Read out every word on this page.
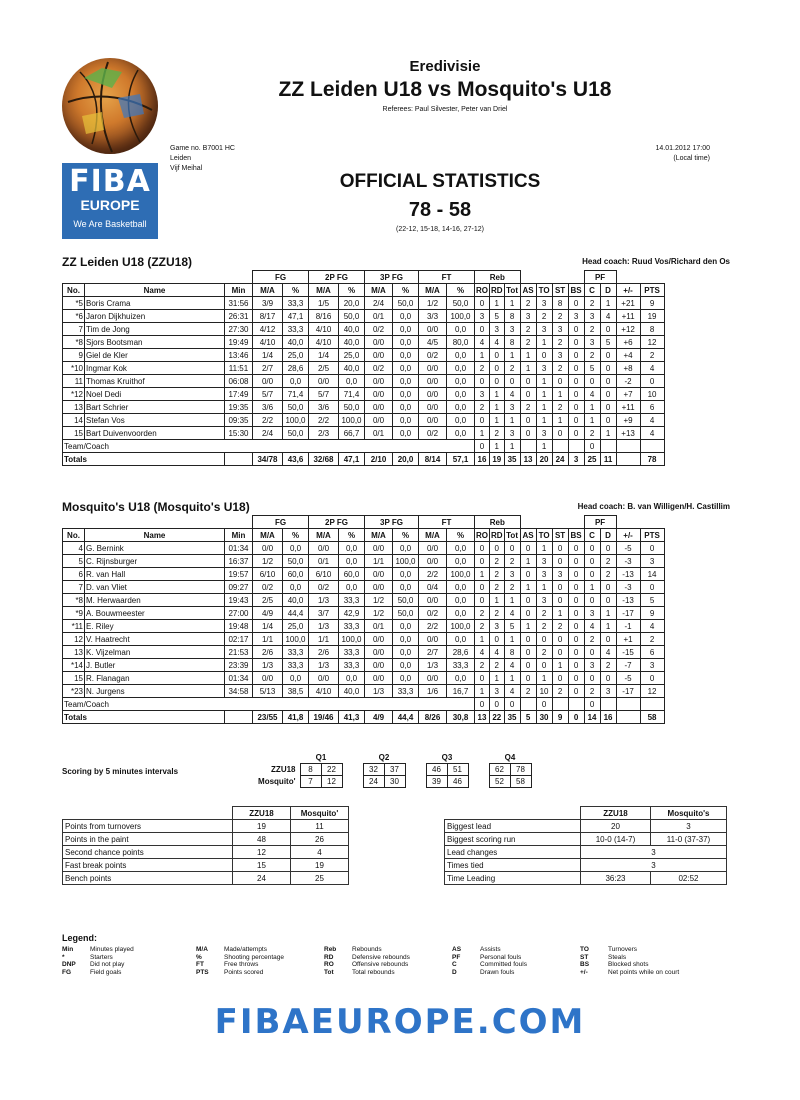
FIBA
EUROPE
We Are Basketball
Eredivisie
ZZ Leiden U18 vs Mosquito's U18
Referees: Paul Silvester, Peter van Driel
Game no. B7001 HC
Leiden
Vijf Meihal
14.01.2012 17:00
(Local time)
OFFICIAL STATISTICS
78 - 58
(22-12, 15-18, 14-16, 27-12)
ZZ Leiden U18 (ZZU18)	Head coach: Ruud Vos/Richard den Os
			FG		2P FG		3P FG		FT		Reb							PF			
No.	Name	Min	M/A	%	M/A	%	M/A	%	M/A	%	RO	RD	Tot	AS	TO	ST	BS	C	D	+/-	PTS
*5	Boris Crama	31:56	3/9	33,3	1/5	20,0	2/4	50,0	1/2	50,0	0	1	1	2	3	8	0	2	1	+21	9
*6	Jaron Dijkhuizen	26:31	8/17	47,1	8/16	50,0	0/1	0,0	3/3	100,0	3	5	8	3	2	2	3	3	4	+11	19
7	Tim de Jong	27:30	4/12	33,3	4/10	40,0	0/2	0,0	0/0	0,0	0	3	3	2	3	3	0	2	0	+12	8
*8	Sjors Bootsman	19:49	4/10	40,0	4/10	40,0	0/0	0,0	4/5	80,0	4	4	8	2	1	2	0	3	5	+6	12
9	Giel de Kler	13:46	1/4	25,0	1/4	25,0	0/0	0,0	0/2	0,0	1	0	1	1	0	3	0	2	0	+4	2
*10	Ingmar Kok	11:51	2/7	28,6	2/5	40,0	0/2	0,0	0/0	0,0	2	0	2	1	3	2	0	5	0	+8	4
11	Thomas Kruithof	06:08	0/0	0,0	0/0	0,0	0/0	0,0	0/0	0,0	0	0	0	0	1	0	0	0	0	-2	0
*12	Noel Dedi	17:49	5/7	71,4	5/7	71,4	0/0	0,0	0/0	0,0	3	1	4	0	1	1	0	4	0	+7	10
13	Bart Schrier	19:35	3/6	50,0	3/6	50,0	0/0	0,0	0/0	0,0	2	1	3	2	1	2	0	1	0	+11	6
14	Stefan Vos	09:35	2/2	100,0	2/2	100,0	0/0	0,0	0/0	0,0	0	1	1	0	1	1	0	1	0	+9	4
15	Bart Duivenvoorden	15:30	2/4	50,0	2/3	66,7	0/1	0,0	0/2	0,0	1	2	3	0	3	0	0	2	1	+13	4
Team/Coach											0	1	1		1			0			
Totals			34/78	43,6	32/68	47,1	2/10	20,0	8/14	57,1	16	19	35	13	20	24	3	25	11		78
Mosquito's U18 (Mosquito's U18)	Head coach: B. van Willigen/H. Castillim
			FG		2P FG		3P FG		FT		Reb							PF			
No.	Name	Min	M/A	%	M/A	%	M/A	%	M/A	%	RO	RD	Tot	AS	TO	ST	BS	C	D	+/-	PTS
4	G. Bernink	01:34	0/0	0,0	0/0	0,0	0/0	0,0	0/0	0,0	0	0	0	0	1	0	0	0	0	-5	0
5	C. Rijnsburger	16:37	1/2	50,0	0/1	0,0	1/1	100,0	0/0	0,0	0	2	2	1	3	0	0	0	2	-3	3
6	R. van Hall	19:57	6/10	60,0	6/10	60,0	0/0	0,0	2/2	100,0	1	2	3	0	3	3	0	0	2	-13	14
7	D. van Vliet	09:27	0/2	0,0	0/2	0,0	0/0	0,0	0/4	0,0	0	2	2	1	1	0	0	1	0	-3	0
*8	M. Herwaarden	19:43	2/5	40,0	1/3	33,3	1/2	50,0	0/0	0,0	0	1	1	0	3	0	0	0	0	-13	5
*9	A. Bouwmeester	27:00	4/9	44,4	3/7	42,9	1/2	50,0	0/2	0,0	2	2	4	0	2	1	0	3	1	-17	9
*11	E. Riley	19:48	1/4	25,0	1/3	33,3	0/1	0,0	2/2	100,0	2	3	5	1	2	2	0	4	1	-1	4
12	V. Haatrecht	02:17	1/1	100,0	1/1	100,0	0/0	0,0	0/0	0,0	1	0	1	0	0	0	0	2	0	+1	2
13	K. Vijzelman	21:53	2/6	33,3	2/6	33,3	0/0	0,0	2/7	28,6	4	4	8	0	2	0	0	0	4	-15	6
*14	J. Butler	23:39	1/3	33,3	1/3	33,3	0/0	0,0	1/3	33,3	2	2	4	0	0	1	0	3	2	-7	3
15	R. Flanagan	01:34	0/0	0,0	0/0	0,0	0/0	0,0	0/0	0,0	0	1	1	0	1	0	0	0	0	-5	0
*23	N. Jurgens	34:58	5/13	38,5	4/10	40,0	1/3	33,3	1/6	16,7	1	3	4	2	10	2	0	2	3	-17	12
Team/Coach											0	0	0		0			0			
Totals			23/55	41,8	19/46	41,3	4/9	44,4	8/26	30,8	13	22	35	5	30	9	0	14	16		58
Scoring by 5 minutes intervals
	Q1			Q2			Q3			Q4	
ZZU18	8	22		32	37		46	51		62	78
Mosquito'	7	12		24	30		39	46		52	58
	ZZU18	Mosquito'
Points from turnovers	19	11
Points in the paint	48	26
Second chance points	12	4
Fast break points	15	19
Bench points	24	25
	ZZU18	Mosquito's
Biggest lead	20	3
Biggest scoring run	10-0 (14-7)	11-0 (37-37)
Lead changes	3	
Times tied	3	
Time Leading	36:23	02:52
Legend:
Min	Minutes played
*	Starters
DNP Did not play
FG	Field goals
M/A Made/attempts
%	Shooting percentage
FT	Free throws
PTS Points scored
Reb Rebounds
RD	Defensive rebounds
RO	Offensive rebounds
Tot	Total rebounds
AS	Assists
PF	Personal fouls
C	Committed fouls
D	Drawn fouls
TO	Turnovers
ST	Steals
BS	Blocked shots
+/-	Net points while on court
FIBAEUROPE.COM
